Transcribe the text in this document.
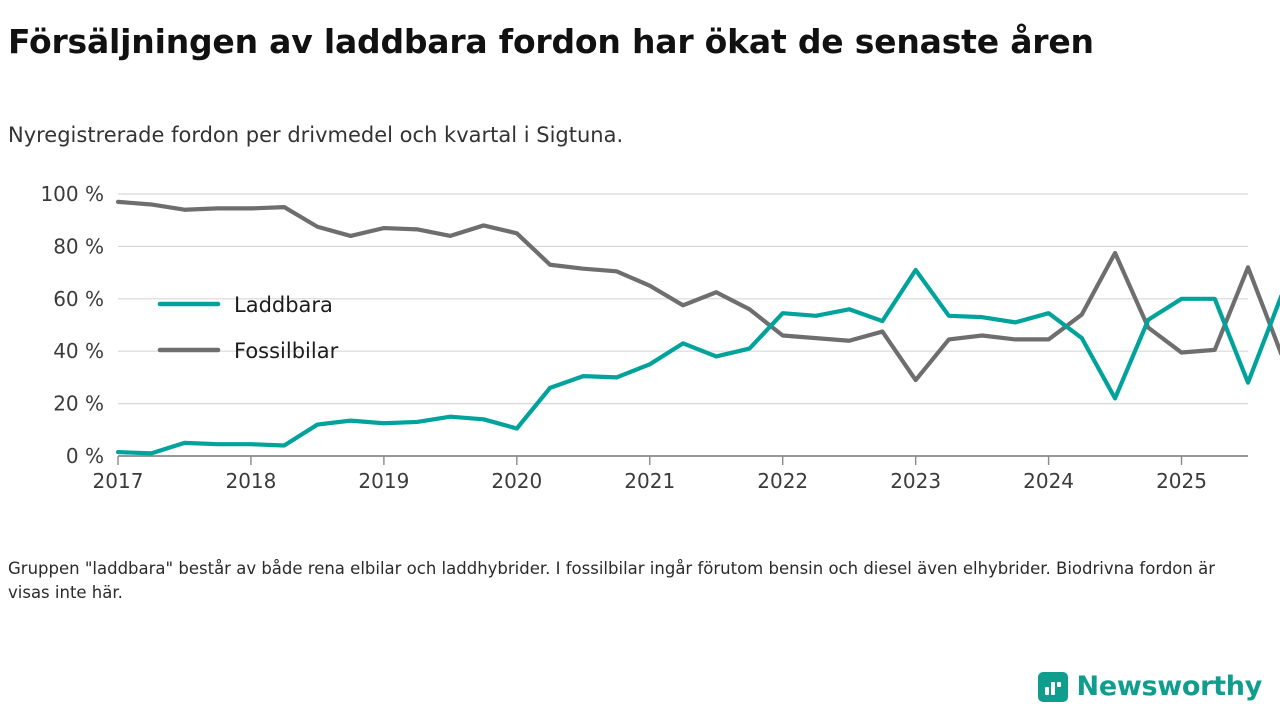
Försäljningen av laddbara fordon har ökat de senaste åren
Nyregistrerade fordon per drivmedel och kvartal i Sigtuna.
0 %
20 %
40 %
60 %
80 %
100 %
2017	2018	2019	2020	2021	2022	2023	2024	2025
Laddbara
Fossilbilar
Gruppen "laddbara" består av både rena elbilar och laddhybrider. I fossilbilar ingår förutom bensin och diesel även elhybrider. Biodrivna fordon är visas inte här.
Newsworthy
